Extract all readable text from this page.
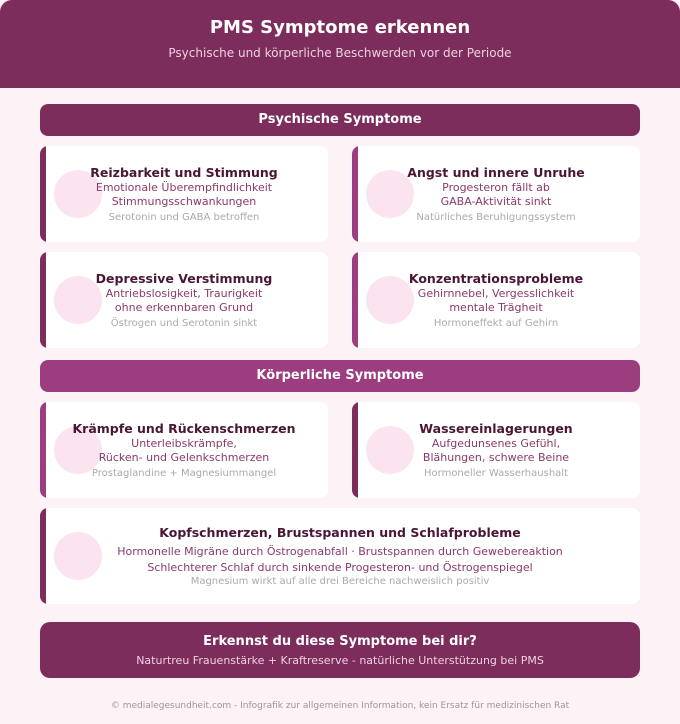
PMS Symptome erkennen
Psychische und körperliche Beschwerden vor der Periode
Psychische Symptome
Reizbarkeit und Stimmung
Emotionale Überempfindlichkeit
Stimmungsschwankungen
Serotonin und GABA betroffen
Angst und innere Unruhe
Progesteron fällt ab
GABA-Aktivität sinkt
Natürliches Beruhigungssystem
Depressive Verstimmung
Antriebslosigkeit, Traurigkeit
ohne erkennbaren Grund
Östrogen und Serotonin sinkt
Konzentrationsprobleme
Gehirnnebel, Vergesslichkeit
mentale Trägheit
Hormoneffekt auf Gehirn
Körperliche Symptome
Krämpfe und Rückenschmerzen
Unterleibskrämpfe,
Rücken- und Gelenkschmerzen
Prostaglandine + Magnesiummangel
Wassereinlagerungen
Aufgedunsenes Gefühl,
Blähungen, schwere Beine
Hormoneller Wasserhaushalt
Kopfschmerzen, Brustspannen und Schlafprobleme
Hormonelle Migräne durch Östrogenabfall · Brustspannen durch Gewebereaktion
Schlechterer Schlaf durch sinkende Progesteron- und Östrogenspiegel
Magnesium wirkt auf alle drei Bereiche nachweislich positiv
Erkennst du diese Symptome bei dir?
Naturtreu Frauenstärke + Kraftreserve - natürliche Unterstützung bei PMS
© medialegesundheit.com - Infografik zur allgemeinen Information, kein Ersatz für medizinischen Rat
